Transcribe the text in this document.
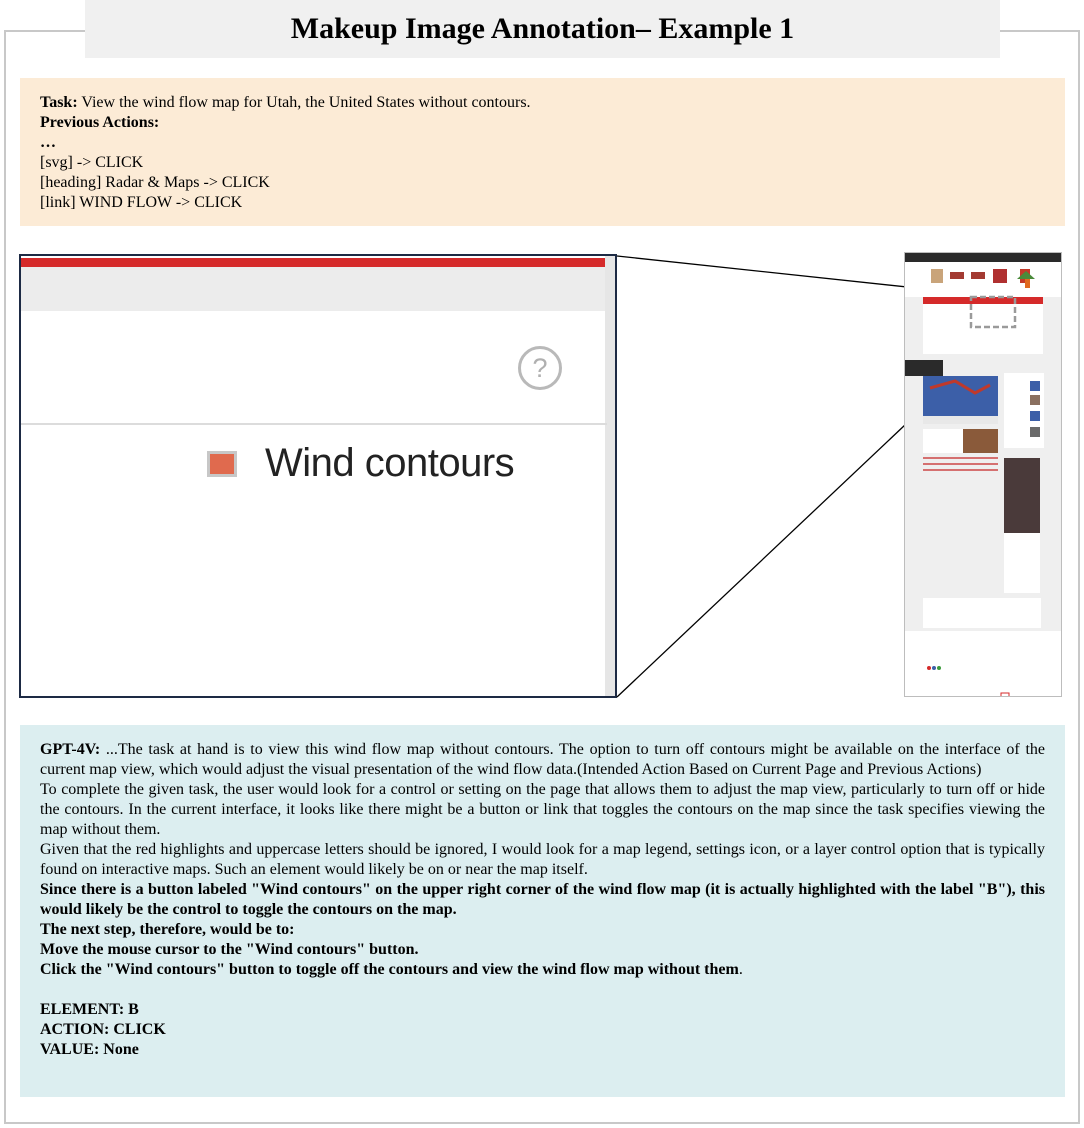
Makeup Image Annotation– Example 1
Task: View the wind flow map for Utah, the United States without contours.
Previous Actions:
…
[svg] -> CLICK
[heading] Radar & Maps -> CLICK
[link] WIND FLOW -> CLICK
?
Wind contours

GPT-4V: ...The task at hand is to view this wind flow map without contours. The option to turn off contours might be available on the interface of the current map view, which would adjust the visual presentation of the wind flow data.(Intended Action Based on Current Page and Previous Actions)

To complete the given task, the user would look for a control or setting on the page that allows them to adjust the map view, particularly to turn off or hide the contours. In the current interface, it looks like there might be a button or link that toggles the contours on the map since the task specifies viewing the map without them.

Given that the red highlights and uppercase letters should be ignored, I would look for a map legend, settings icon, or a layer control option that is typically found on interactive maps. Such an element would likely be on or near the map itself.

Since there is a button labeled "Wind contours" on the upper right corner of the wind flow map (it is actually highlighted with the label "B"), this would likely be the control to toggle the contours on the map.

The next step, therefore, would be to:

Move the mouse cursor to the "Wind contours" button.

Click the "Wind contours" button to toggle off the contours and view the wind flow map without them.

ELEMENT: B

ACTION: CLICK

VALUE: None
